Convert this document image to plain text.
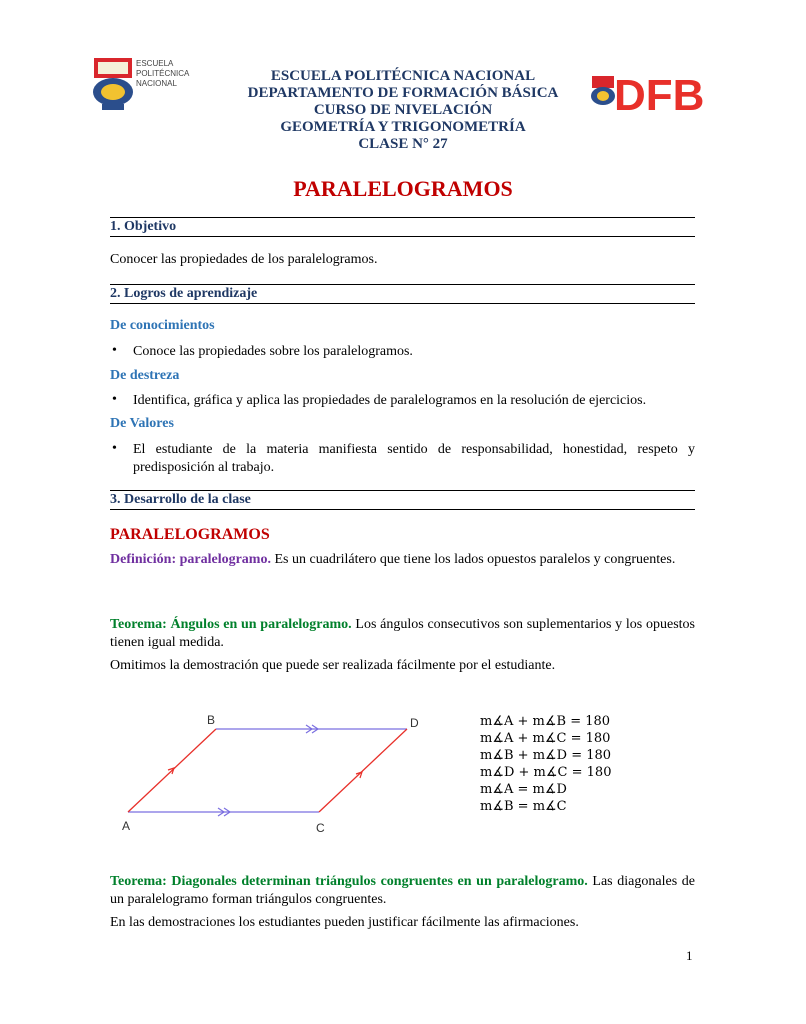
ESCUELA
POLITÉCNICA
NACIONAL	DFB
ESCUELA POLITÉCNICA NACIONAL
DEPARTAMENTO DE FORMACIÓN BÁSICA
CURSO DE NIVELACIÓN
GEOMETRÍA Y TRIGONOMETRÍA
CLASE N° 27
PARALELOGRAMOS
1. Objetivo
Conocer las propiedades de los paralelogramos.
2. Logros de aprendizaje
De conocimientos
• Conoce las propiedades sobre los paralelogramos.
De destreza
• Identifica, gráfica y aplica las propiedades de paralelogramos en la resolución de ejercicios.
De Valores
• El estudiante de la materia manifiesta sentido de responsabilidad, honestidad, respeto y predisposición al trabajo.
3. Desarrollo de la clase
PARALELOGRAMOS
Definición: paralelogramo. Es un cuadrilátero que tiene los lados opuestos paralelos y congruentes.
Teorema: Ángulos en un paralelogramo. Los ángulos consecutivos son suplementarios y los opuestos tienen igual medida.
Omitimos la demostración que puede ser realizada fácilmente por el estudiante.
B	D
A	C
m∡A + m∡B = 180
m∡A + m∡C = 180
m∡B + m∡D = 180
m∡D + m∡C = 180
m∡A = m∡D
m∡B = m∡C
Teorema: Diagonales determinan triángulos congruentes en un paralelogramo. Las diagonales de un paralelogramo forman triángulos congruentes.
En las demostraciones los estudiantes pueden justificar fácilmente las afirmaciones.
1
